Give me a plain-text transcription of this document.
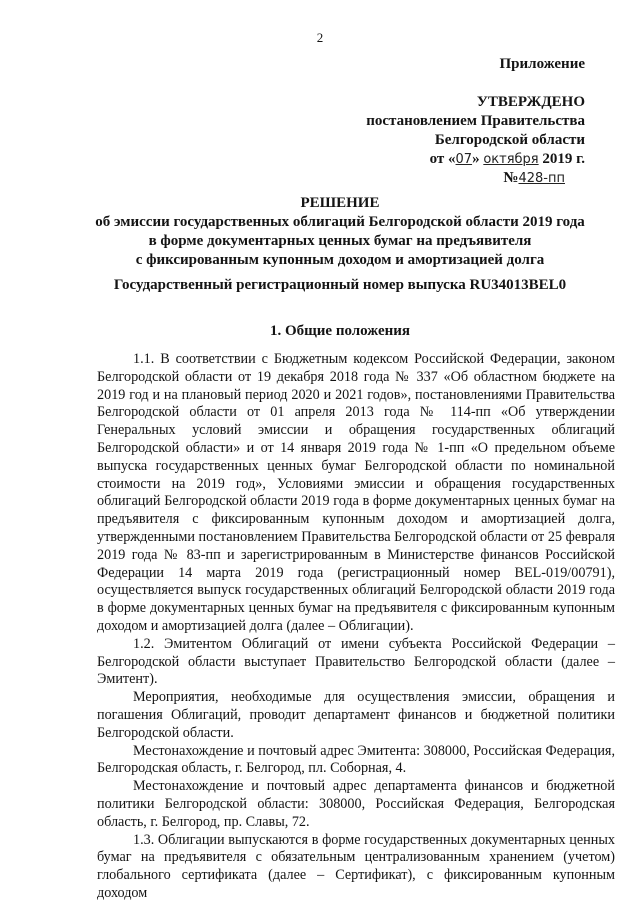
2
Приложение
УТВЕРЖДЕНО
постановлением Правительства
Белгородской области
от «07» октября 2019 г.
№428-пп
РЕШЕНИЕ
об эмиссии государственных облигаций Белгородской области 2019 года
в форме документарных ценных бумаг на предъявителя
с фиксированным купонным доходом и амортизацией долга
Государственный регистрационный номер выпуска RU34013BEL0
1. Общие положения

1.1. В соответствии с Бюджетным кодексом Российской Федерации, законом Белгородской области от 19 декабря 2018 года № 337 «Об областном бюджете на 2019 год и на плановый период 2020 и 2021 годов», постановлениями Правительства Белгородской области от 01 апреля 2013 года № 114-пп «Об утверждении Генеральных условий эмиссии и обращения государственных облигаций Белгородской области» и от 14 января 2019 года № 1-пп «О предельном объеме выпуска государственных ценных бумаг Белгородской области по номинальной стоимости на 2019 год», Условиями эмиссии и обращения государственных облигаций Белгородской области 2019 года в форме документарных ценных бумаг на предъявителя с фиксированным купонным доходом и амортизацией долга, утвержденными постановлением Правительства Белгородской области от 25 февраля 2019 года № 83-пп и зарегистрированным в Министерстве финансов Российской Федерации 14 марта 2019 года (регистрационный номер BEL-019/00791), осуществляется выпуск государственных облигаций Белгородской области 2019 года в форме документарных ценных бумаг на предъявителя с фиксированным купонным доходом и амортизацией долга (далее – Облигации).

1.2. Эмитентом Облигаций от имени субъекта Российской Федерации – Белгородской области выступает Правительство Белгородской области (далее – Эмитент).

Мероприятия, необходимые для осуществления эмиссии, обращения и погашения Облигаций, проводит департамент финансов и бюджетной политики Белгородской области.

Местонахождение и почтовый адрес Эмитента: 308000, Российская Федерация, Белгородская область, г. Белгород, пл. Соборная, 4.

Местонахождение и почтовый адрес департамента финансов и бюджетной политики Белгородской области: 308000, Российская Федерация, Белгородская область, г. Белгород, пр. Славы, 72.

1.3. Облигации выпускаются в форме государственных документарных ценных бумаг на предъявителя с обязательным централизованным хранением (учетом) глобального сертификата (далее – Сертификат), с фиксированным купонным доходом
